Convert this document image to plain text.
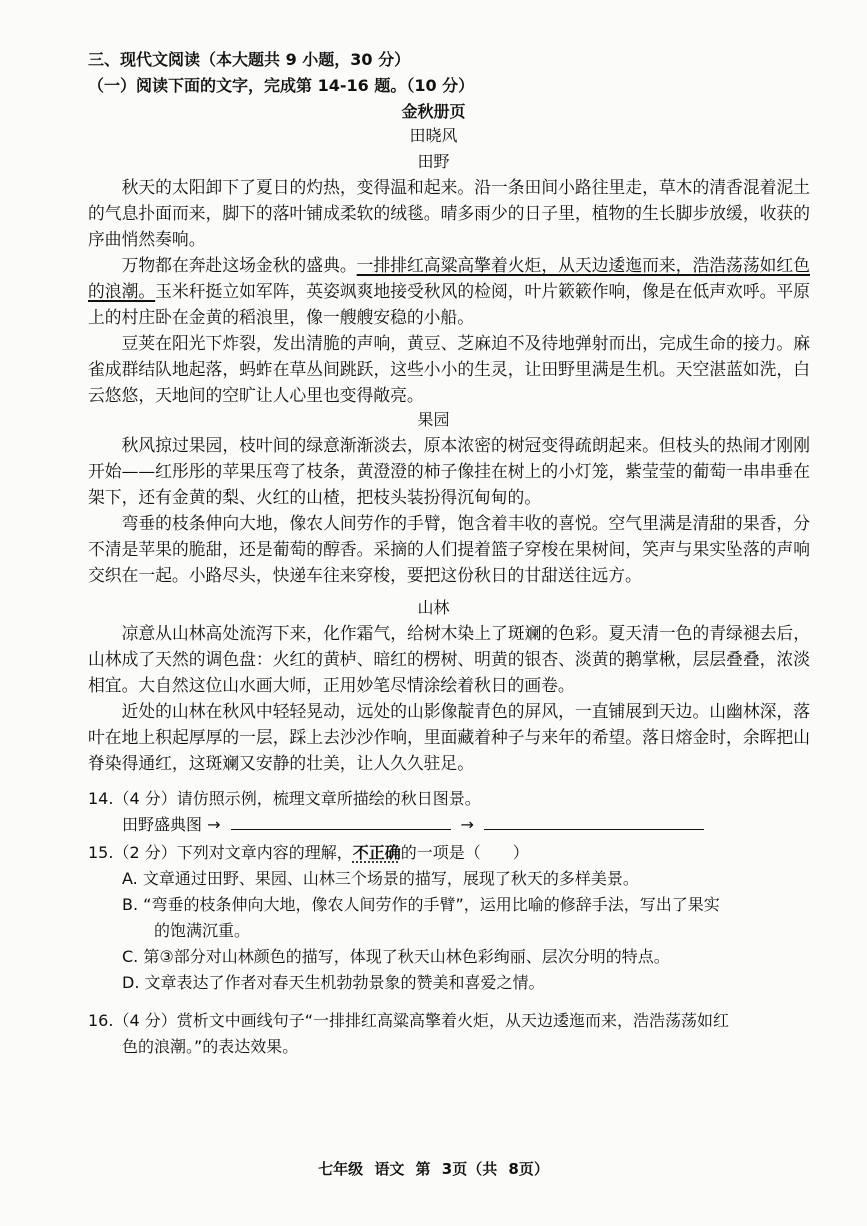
三、现代文阅读（本大题共 9 小题，30 分）
（一）阅读下面的文字，完成第 14-16 题。（10 分）
金秋册页
田晓风
田野

秋天的太阳卸下了夏日的灼热，变得温和起来。沿一条田间小路往里走，草木的清香混着泥土的气息扑面而来，脚下的落叶铺成柔软的绒毯。晴多雨少的日子里，植物的生长脚步放缓，收获的序曲悄然奏响。

万物都在奔赴这场金秋的盛典。一排排红高粱高擎着火炬，从天边逶迤而来，浩浩荡荡如红色的浪潮。玉米秆挺立如军阵，英姿飒爽地接受秋风的检阅，叶片簌簌作响，像是在低声欢呼。平原上的村庄卧在金黄的稻浪里，像一艘艘安稳的小船。

豆荚在阳光下炸裂，发出清脆的声响，黄豆、芝麻迫不及待地弹射而出，完成生命的接力。麻雀成群结队地起落，蚂蚱在草丛间跳跃，这些小小的生灵，让田野里满是生机。天空湛蓝如洗，白云悠悠，天地间的空旷让人心里也变得敞亮。

果园

秋风掠过果园，枝叶间的绿意渐渐淡去，原本浓密的树冠变得疏朗起来。但枝头的热闹才刚刚开始——红彤彤的苹果压弯了枝条，黄澄澄的柿子像挂在树上的小灯笼，紫莹莹的葡萄一串串垂在架下，还有金黄的梨、火红的山楂，把枝头装扮得沉甸甸的。

弯垂的枝条伸向大地，像农人间劳作的手臂，饱含着丰收的喜悦。空气里满是清甜的果香，分不清是苹果的脆甜，还是葡萄的醇香。采摘的人们提着篮子穿梭在果树间，笑声与果实坠落的声响交织在一起。小路尽头，快递车往来穿梭，要把这份秋日的甘甜送往远方。

山林

凉意从山林高处流泻下来，化作霜气，给树木染上了斑斓的色彩。夏天清一色的青绿褪去后，山林成了天然的调色盘：火红的黄栌、暗红的楞树、明黄的银杏、淡黄的鹅掌楸，层层叠叠，浓淡相宜。大自然这位山水画大师，正用妙笔尽情涂绘着秋日的画卷。

近处的山林在秋风中轻轻晃动，远处的山影像靛青色的屏风，一直铺展到天边。山幽林深，落叶在地上积起厚厚的一层，踩上去沙沙作响，里面藏着种子与来年的希望。落日熔金时，余晖把山脊染得通红，这斑斓又安静的壮美，让人久久驻足。

14.（4 分）请仿照示例，梳理文章所描绘的秋日图景。
田野盛典图 →	→
15.（2 分）下列对文章内容的理解，不正确的一项是（　　）
A. 文章通过田野、果园、山林三个场景的描写，展现了秋天的多样美景。
B. “弯垂的枝条伸向大地，像农人间劳作的手臂”，运用比喻的修辞手法，写出了果实
的饱满沉重。
C. 第③部分对山林颜色的描写，体现了秋天山林色彩绚丽、层次分明的特点。
D. 文章表达了作者对春天生机勃勃景象的赞美和喜爱之情。
16.（4 分）赏析文中画线句子“一排排红高粱高擎着火炬，从天边逶迤而来，浩浩荡荡如红
色的浪潮。”的表达效果。
七年级 语文 第 3页（共 8页）
